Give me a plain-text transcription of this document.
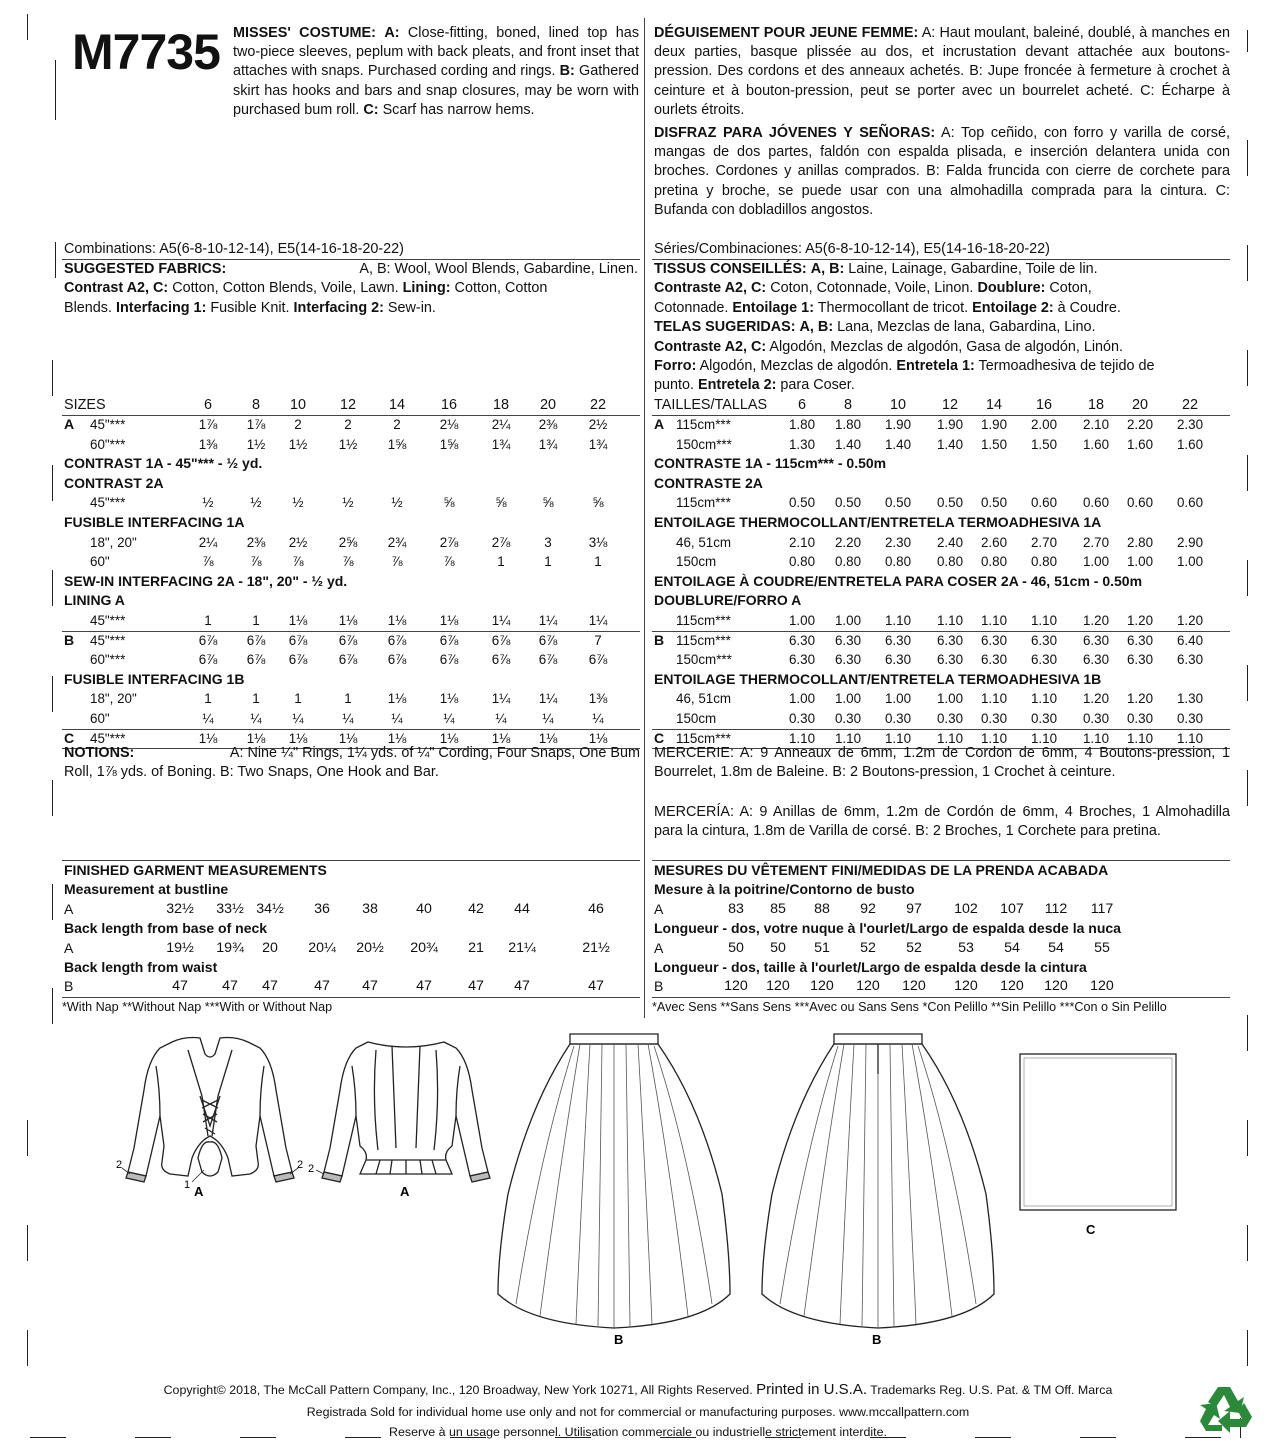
M7735 MISSES' COSTUME: A: Close-fitting, boned, lined top has two-piece sleeves, peplum with back pleats, and front inset that attaches with snaps. Purchased cording and rings. B: Gathered skirt has hooks and bars and snap closures, may be worn with purchased bum roll. C: Scarf has narrow hems.
DÉGUISEMENT POUR JEUNE FEMME: A: Haut moulant, baleiné, doublé, à manches en deux parties, basque plissée au dos, et incrustation devant attachée aux boutons-pression. Des cordons et des anneaux achetés. B: Jupe froncée à fermeture à crochet à ceinture et à bouton-pression, peut se porter avec un bourrelet acheté. C: Écharpe à ourlets étroits.
DISFRAZ PARA JÓVENES Y SEÑORAS: A: Top ceñido, con forro y varilla de corsé, mangas de dos partes, faldón con espalda plisada, e inserción delantera unida con broches. Cordones y anillas comprados. B: Falda fruncida con cierre de corchete para pretina y broche, se puede usar con una almohadilla comprada para la cintura. C: Bufanda con dobladillos angostos.
Combinations: A5(6-8-10-12-14), E5(14-16-18-20-22)	Séries/Combinaciones: A5(6-8-10-12-14), E5(14-16-18-20-22)
SUGGESTED FABRICS:	A, B: Wool, Wool Blends, Gabardine, Linen.
Contrast A2, C: Cotton, Cotton Blends, Voile, Lawn. Lining: Cotton, Cotton
Blends. Interfacing 1: Fusible Knit. Interfacing 2: Sew-in.
TISSUS CONSEILLÉS: A, B: Laine, Lainage, Gabardine, Toile de lin.
Contraste A2, C: Coton, Cotonnade, Voile, Linon. Doublure: Coton,
Cotonnade. Entoilage 1: Thermocollant de tricot. Entoilage 2: à Coudre.
TELAS SUGERIDAS: A, B: Lana, Mezclas de lana, Gabardina, Lino.
Contraste A2, C: Algodón, Mezclas de algodón, Gasa de algodón, Linón.
Forro: Algodón, Mezclas de algodón. Entretela 1: Termoadhesiva de tejido de
punto. Entretela 2: para Coser.
SIZES	6	8	10	12	14	16	18	20	22
A 45"***	1⅞	1⅞	2	2	2	2⅛	2¼	2⅜	2½
60"***	1⅜	1½	1½	1½	1⅝	1⅝	1¾	1¾	1¾
CONTRAST 1A - 45"*** - ½ yd.
CONTRAST 2A
45"***	½	½	½	½	½	⅝	⅝	⅝	⅝
FUSIBLE INTERFACING 1A
18", 20"	2¼	2⅜	2½	2⅝	2¾	2⅞	2⅞	3	3⅛
60"	⅞	⅞	⅞	⅞	⅞	⅞	1	1	1
SEW-IN INTERFACING 2A - 18", 20" - ½ yd.
LINING A
45"***	1	1	1⅛	1⅛	1⅛	1⅛	1¼	1¼	1¼
B 45"***	6⅞	6⅞	6⅞	6⅞	6⅞	6⅞	6⅞	6⅞	7
60"***	6⅞	6⅞	6⅞	6⅞	6⅞	6⅞	6⅞	6⅞	6⅞
FUSIBLE INTERFACING 1B
18", 20"	1	1	1	1	1⅛	1⅛	1¼	1¼	1⅜
60"	¼	¼	¼	¼	¼	¼	¼	¼	¼
C 45"***	1⅛	1⅛	1⅛	1⅛	1⅛	1⅛	1⅛	1⅛	1⅛
TAILLES/TALLAS	6	8	10	12	14	16	18	20	22
A 115cm***	1.80	1.80	1.90	1.90	1.90	2.00	2.10	2.20	2.30
150cm***	1.30	1.40	1.40	1.40	1.50	1.50	1.60	1.60	1.60
CONTRASTE 1A - 115cm*** - 0.50m
CONTRASTE 2A
115cm***	0.50	0.50	0.50	0.50	0.50	0.60	0.60	0.60	0.60
ENTOILAGE THERMOCOLLANT/ENTRETELA TERMOADHESIVA 1A
46, 51cm	2.10	2.20	2.30	2.40	2.60	2.70	2.70	2.80	2.90
150cm	0.80	0.80	0.80	0.80	0.80	0.80	1.00	1.00	1.00
ENTOILAGE À COUDRE/ENTRETELA PARA COSER 2A - 46, 51cm - 0.50m
DOUBLURE/FORRO A
115cm***	1.00	1.00	1.10	1.10	1.10	1.10	1.20	1.20	1.20
B 115cm***	6.30	6.30	6.30	6.30	6.30	6.30	6.30	6.30	6.40
150cm***	6.30	6.30	6.30	6.30	6.30	6.30	6.30	6.30	6.30
ENTOILAGE THERMOCOLLANT/ENTRETELA TERMOADHESIVA 1B
46, 51cm	1.00	1.00	1.00	1.00	1.10	1.10	1.20	1.20	1.30
150cm	0.30	0.30	0.30	0.30	0.30	0.30	0.30	0.30	0.30
C 115cm***	1.10	1.10	1.10	1.10	1.10	1.10	1.10	1.10	1.10
NOTIONS:	A: Nine ¼" Rings, 1¼ yds. of ¼" Cording, Four Snaps, One Bum
Roll, 1⅞ yds. of Boning. B: Two Snaps, One Hook and Bar.
MERCERIE: A: 9 Anneaux de 6mm, 1.2m de Cordon de 6mm, 4 Boutons-pression, 1 Bourrelet, 1.8m de Baleine. B: 2 Boutons-pression, 1 Crochet à ceinture.
MERCERÍA: A: 9 Anillas de 6mm, 1.2m de Cordón de 6mm, 4 Broches, 1 Almohadilla para la cintura, 1.8m de Varilla de corsé. B: 2 Broches, 1 Corchete para pretina.
FINISHED GARMENT MEASUREMENTS
Measurement at bustline
A	32½	33½ 34½	36	38	40	42	44	46
Back length from base of neck
A	19½	19¾	20	20¼	20½	20¾	21	21¼	21½
Back length from waist
B	47	47	47	47	47	47	47	47	47
*With Nap **Without Nap ***With or Without Nap
MESURES DU VÊTEMENT FINI/MEDIDAS DE LA PRENDA ACABADA
Mesure à la poitrine/Contorno de busto
A	83	85	88	92	97	102	107	112	117
Longueur - dos, votre nuque à l'ourlet/Largo de espalda desde la nuca
A	50	50	51	52	52	53	54	54	55
Longueur - dos, taille à l'ourlet/Largo de espalda desde la cintura
B	120	120	120	120	120	120	120	120	120
*Avec Sens **Sans Sens ***Avec ou Sans Sens *Con Pelillo **Sin Pelillo ***Con o Sin Pelillo
2	2
1 A
2
A
B	B
C
Copyright© 2018, The McCall Pattern Company, Inc., 120 Broadway, New York 10271, All Rights Reserved. Printed in U.S.A. Trademarks Reg. U.S. Pat. & TM Off. Marca
Registrada Sold for individual home use only and not for commercial or manufacturing purposes. www.mccallpattern.com
Reserve à un usage personnel. Utilisation commerciale ou industrielle strictement interdite.
